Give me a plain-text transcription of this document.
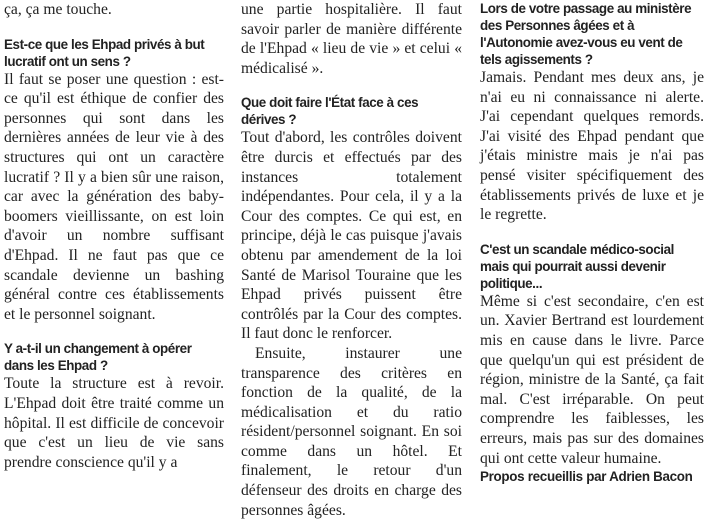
ça, ça me touche.

Est-ce que les Ehpad privés à but lucratif ont un sens ?

Il faut se poser une question : est-ce qu'il est éthique de confier des personnes qui sont dans les dernières années de leur vie à des structures qui ont un caractère lucratif ? Il y a bien sûr une raison, car avec la génération des baby-boomers vieillissante, on est loin d'avoir un nombre suffisant d'Ehpad. Il ne faut pas que ce scandale devienne un bashing général contre ces établissements et le personnel soignant.

Y a-t-il un changement à opérer dans les Ehpad ?

Toute la structure est à revoir. L'Ehpad doit être traité comme un hôpital. Il est difficile de concevoir que c'est un lieu de vie sans prendre conscience qu'il y a

une partie hospitalière. Il faut savoir parler de manière différente de l'Ehpad « lieu de vie » et celui « médicalisé ».

Que doit faire l'État face à ces dérives ?

Tout d'abord, les contrôles doivent être durcis et effectués par des instances totalement indépendantes. Pour cela, il y a la Cour des comptes. Ce qui est, en principe, déjà le cas puisque j'avais obtenu par amendement de la loi Santé de Marisol Touraine que les Ehpad privés puissent être contrôlés par la Cour des comptes. Il faut donc le renforcer.

Ensuite, instaurer une transparence des critères en fonction de la qualité, de la médicalisation et du ratio résident/personnel soignant. En soi comme dans un hôtel. Et finalement, le retour d'un défenseur des droits en charge des personnes âgées.

Lors de votre passage au ministère des Personnes âgées et à l'Autonomie avez-vous eu vent de tels agissements ?

Jamais. Pendant mes deux ans, je n'ai eu ni connaissance ni alerte. J'ai cependant quelques remords. J'ai visité des Ehpad pendant que j'étais ministre mais je n'ai pas pensé visiter spécifiquement des établissements privés de luxe et je le regrette.

C'est un scandale médico-social mais qui pourrait aussi devenir politique...

Même si c'est secondaire, c'en est un. Xavier Bertrand est lourdement mis en cause dans le livre. Parce que quelqu'un qui est président de région, ministre de la Santé, ça fait mal. C'est irréparable. On peut comprendre les faiblesses, les erreurs, mais pas sur des domaines qui ont cette valeur humaine.

Propos recueillis par Adrien Bacon
